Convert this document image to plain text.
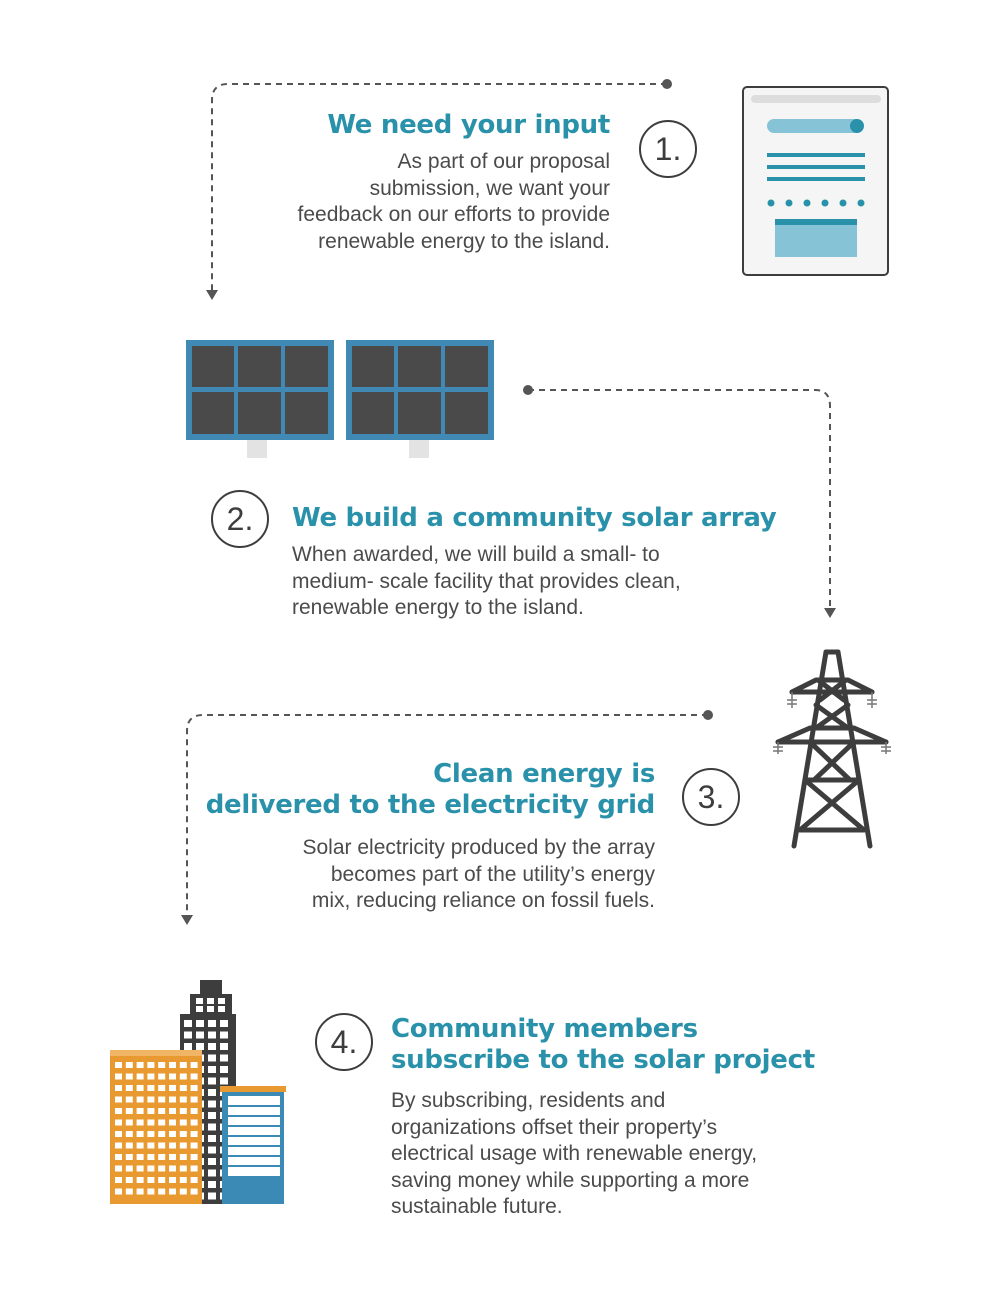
We need your input
As part of our proposal
submission, we want your
feedback on our efforts to provide
renewable energy to the island.
1.
2.	We build a community solar array
When awarded, we will build a small- to
medium- scale facility that provides clean,
renewable energy to the island.
Clean energy is
delivered to the electricity grid
Solar electricity produced by the array
becomes part of the utility’s energy
mix, reducing reliance on fossil fuels.
3.
4.	Community members
subscribe to the solar project
By subscribing, residents and
organizations offset their property’s
electrical usage with renewable energy,
saving money while supporting a more
sustainable future.
